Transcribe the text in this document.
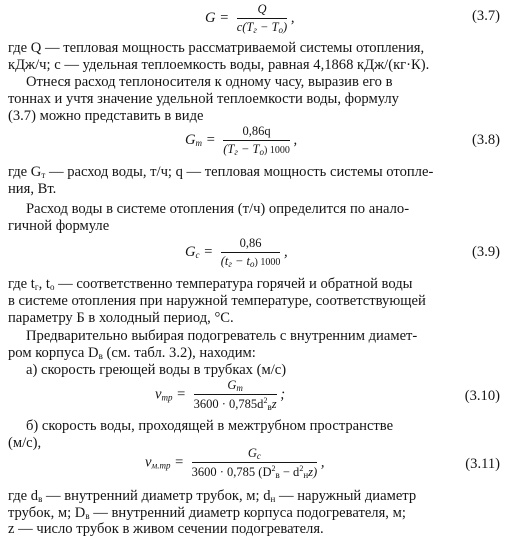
$G = \frac{Q}{c(T_г - T_о)}$ ,	(3.7)
где Q — тепловая мощность рассматриваемой системы отопления,
кДж/ч; с — удельная теплоемкость воды, равная 4,1868 кДж/(кг·К).
Отнеся расход теплоносителя к одному часу, выразив его в
тоннах и учтя значение удельной теплоемкости воды, формулу
(3.7) можно представить в виде
$G_т = \frac{0,86q}{(T_г - T_о) 1000}$ ,	(3.8)
где $G_т$ — расход воды, т/ч; q — тепловая мощность системы отопле-
ния, Вт.
Расход воды в системе отопления (т/ч) определится по анало-
гичной формуле
$G_с = \frac{0,86}{(t_г - t_о) 1000}$ ,	(3.9)
где $t_г$, $t_о$ — соответственно температура горячей и обратной воды
в системе отопления при наружной температуре, соответствующей
параметру Б в холодный период, °С.
Предварительно выбирая подогреватель с внутренним диамет-
ром корпуса $D_в$ (см. табл. 3.2), находим:
а) скорость греющей воды в трубках (м/с)
$v_{тр} = \frac{G_т}{3600 \cdot 0,785d^2_вz}$ ;	(3.10)
б) скорость воды, проходящей в межтрубном пространстве
(м/с),
$v_{м.тр} = \frac{G_с}{3600 \cdot 0,785 (D^2_в - d^2_нz)}$ ,	(3.11)
где $d_в$ — внутренний диаметр трубок, м; $d_н$ — наружный диаметр
трубок, м; $D_в$ — внутренний диаметр корпуса подогревателя, м;
z — число трубок в живом сечении подогревателя.
